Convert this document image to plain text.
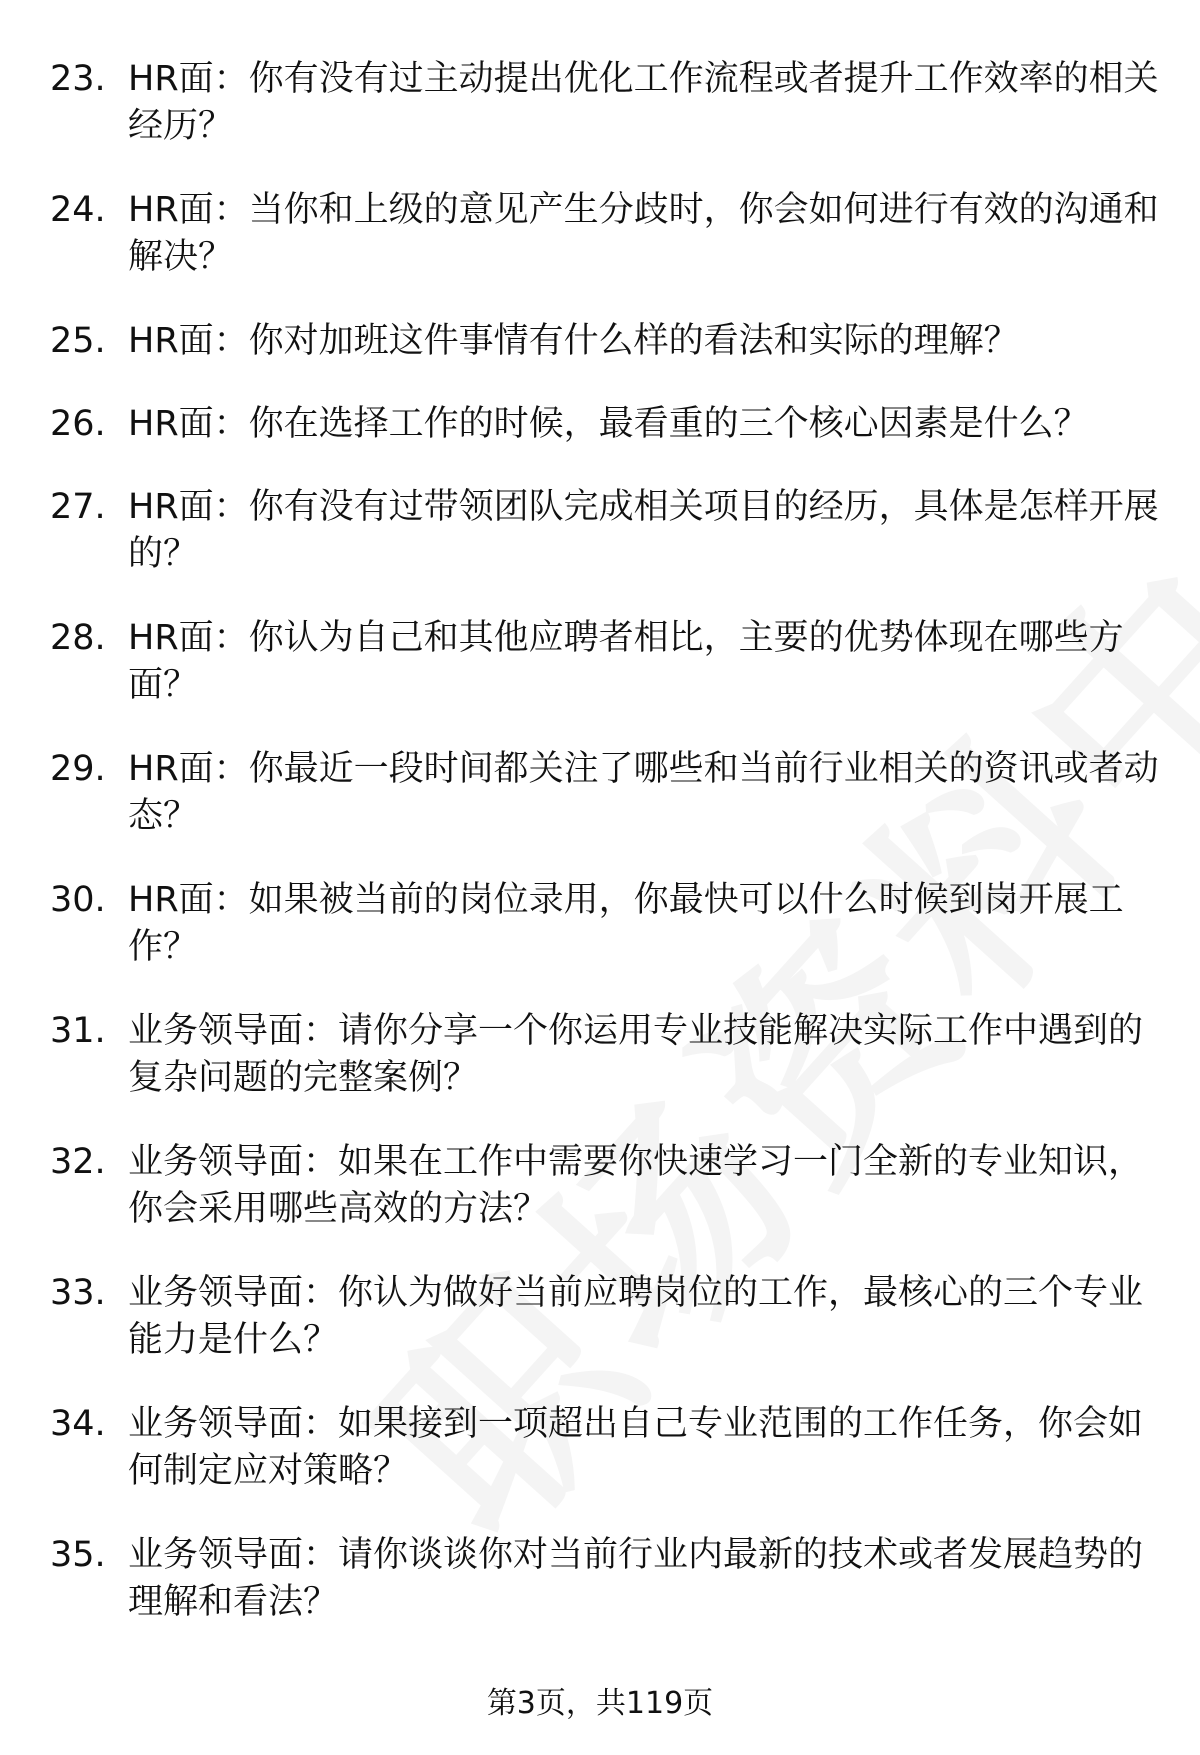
23. HR面：你有没有过主动提出优化工作流程或者提升工作效率的相关经历？
24. HR面：当你和上级的意见产生分歧时，你会如何进行有效的沟通和解决？
25. HR面：你对加班这件事情有什么样的看法和实际的理解？
26. HR面：你在选择工作的时候，最看重的三个核心因素是什么？
27. HR面：你有没有过带领团队完成相关项目的经历，具体是怎样开展的？
28. HR面：你认为自己和其他应聘者相比，主要的优势体现在哪些方面？
29. HR面：你最近一段时间都关注了哪些和当前行业相关的资讯或者动态？
30. HR面：如果被当前的岗位录用，你最快可以什么时候到岗开展工作？
31. 业务领导面：请你分享一个你运用专业技能解决实际工作中遇到的复杂问题的完整案例？
32. 业务领导面：如果在工作中需要你快速学习一门全新的专业知识，你会采用哪些高效的方法？
33. 业务领导面：你认为做好当前应聘岗位的工作，最核心的三个专业能力是什么？
34. 业务领导面：如果接到一项超出自己专业范围的工作任务，你会如何制定应对策略？
35. 业务领导面：请你谈谈你对当前行业内最新的技术或者发展趋势的理解和看法？
第3页，共119页
